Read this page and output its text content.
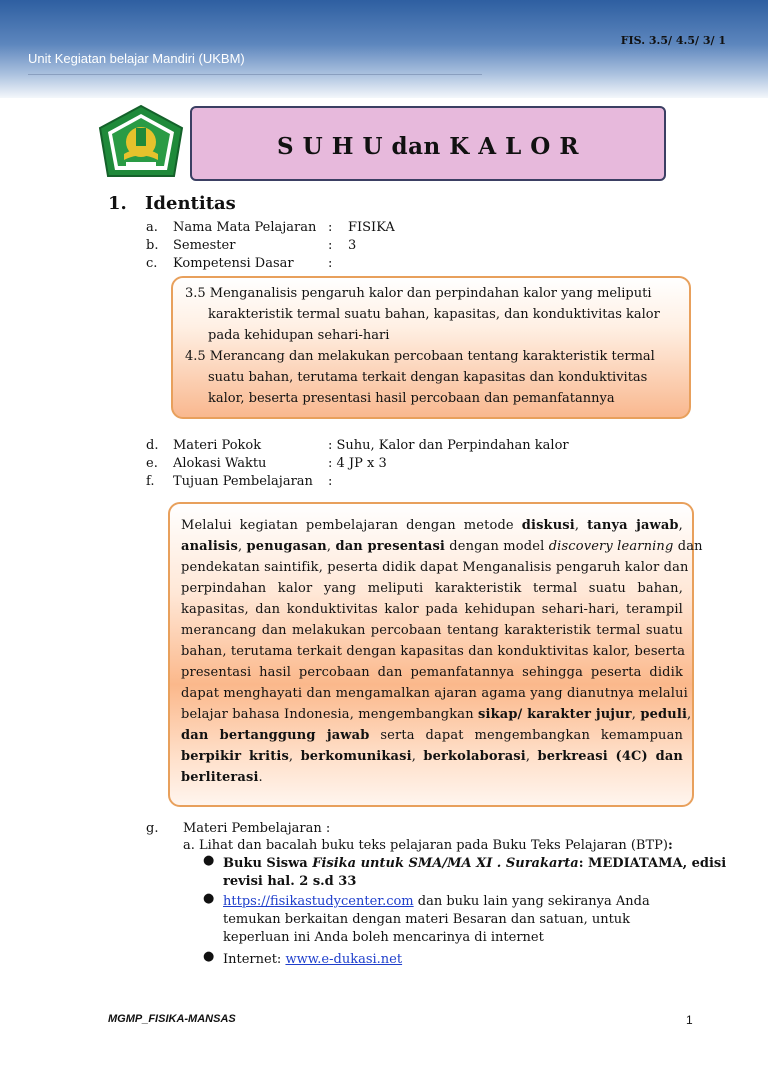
FIS. 3.5/ 4.5/ 3/ 1
Unit Kegiatan belajar Mandiri (UKBM)
S U H U dan K A L O R
1. Identitas
a. Nama Mata Pelajaran : FISIKA
b. Semester	: 3
c. Kompetensi Dasar	:
3.5 Menganalisis pengaruh kalor dan perpindahan kalor yang meliputi
karakteristik termal suatu bahan, kapasitas, dan konduktivitas kalor
pada kehidupan sehari-hari
4.5 Merancang dan melakukan percobaan tentang karakteristik termal
suatu bahan, terutama terkait dengan kapasitas dan konduktivitas
kalor, beserta presentasi hasil percobaan dan pemanfatannya
d. Materi Pokok	: Suhu, Kalor dan Perpindahan kalor
e. Alokasi Waktu	: 4 JP x 3
f. Tujuan Pembelajaran :
Melalui kegiatan pembelajaran dengan metode diskusi, tanya jawab,
analisis, penugasan, dan presentasi dengan model discovery learning dan
pendekatan saintifik, peserta didik dapat Menganalisis pengaruh kalor dan
perpindahan kalor yang meliputi karakteristik termal suatu bahan,
kapasitas, dan konduktivitas kalor pada kehidupan sehari-hari, terampil
merancang dan melakukan percobaan tentang karakteristik termal suatu
bahan, terutama terkait dengan kapasitas dan konduktivitas kalor, beserta
presentasi hasil percobaan dan pemanfatannya sehingga peserta didik
dapat menghayati dan mengamalkan ajaran agama yang dianutnya melalui
belajar bahasa Indonesia, mengembangkan sikap/ karakter jujur, peduli,
dan bertanggung jawab serta dapat mengembangkan kemampuan
berpikir kritis, berkomunikasi, berkolaborasi, berkreasi (4C) dan
berliterasi.
g. Materi Pembelajaran :
a. Lihat dan bacalah buku teks pelajaran pada Buku Teks Pelajaran (BTP):
● Buku Siswa Fisika untuk SMA/MA XI . Surakarta: MEDIATAMA, edisi
revisi hal. 2 s.d 33
● https://fisikastudycenter.com dan buku lain yang sekiranya Anda
temukan berkaitan dengan materi Besaran dan satuan, untuk
keperluan ini Anda boleh mencarinya di internet
● Internet: www.e-dukasi.net
MGMP_FISIKA-MANSAS	1
